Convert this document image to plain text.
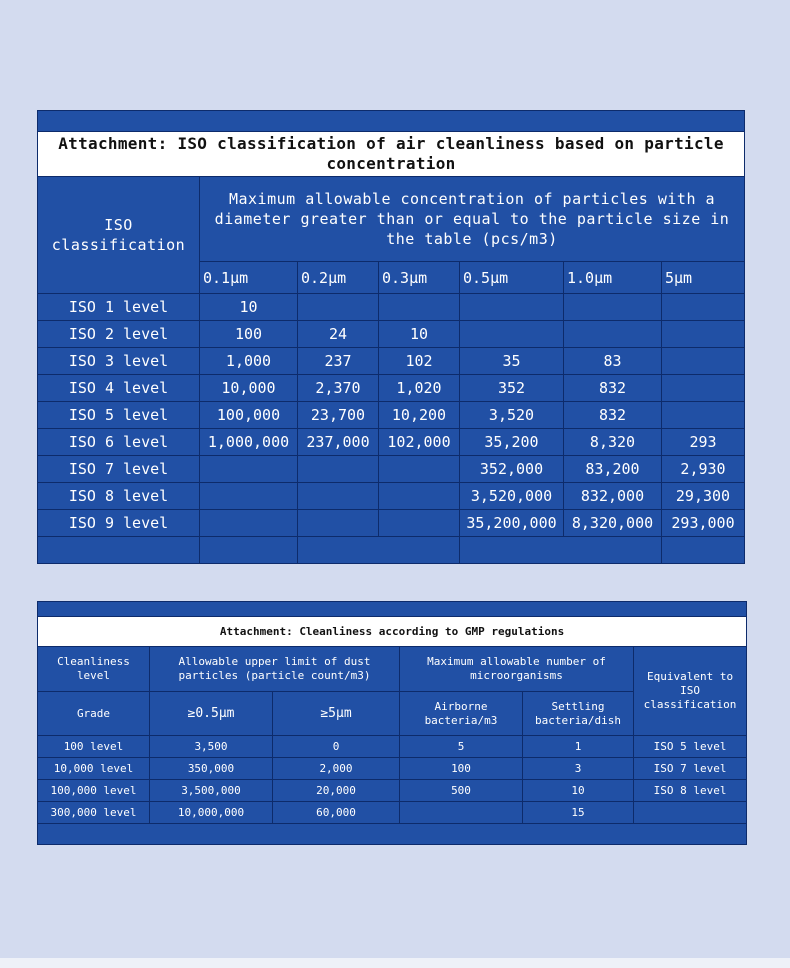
Attachment: ISO classification of air cleanliness based on particle concentration						
ISO classification	Maximum allowable concentration of particles with a diameter greater than or equal to the particle size in the table (pcs/m3)					
	0.1μm	0.2μm	0.3μm	0.5μm	1.0μm	5μm
ISO 1 level	10					
ISO 2 level	100	24	10			
ISO 3 level	1,000	237	102	35	83	
ISO 4 level	10,000	2,370	1,020	352	832	
ISO 5 level	100,000	23,700	10,200	3,520	832	
ISO 6 level	1,000,000	237,000	102,000	35,200	8,320	293
ISO 7 level				352,000	83,200	2,930
ISO 8 level				3,520,000	832,000	29,300
ISO 9 level				35,200,000	8,320,000	293,000

Attachment: Cleanliness according to GMP regulations					
Cleanliness level	Allowable upper limit of dust particles (particle count/m3)		Maximum allowable number of microorganisms		Equivalent to ISO classification
Grade	≥0.5μm	≥5μm	Airborne bacteria/m3	Settling bacteria/dish	
100 level	3,500	0	5	1	ISO 5 level
10,000 level	350,000	2,000	100	3	ISO 7 level
100,000 level	3,500,000	20,000	500	10	ISO 8 level
300,000 level	10,000,000	60,000		15	
